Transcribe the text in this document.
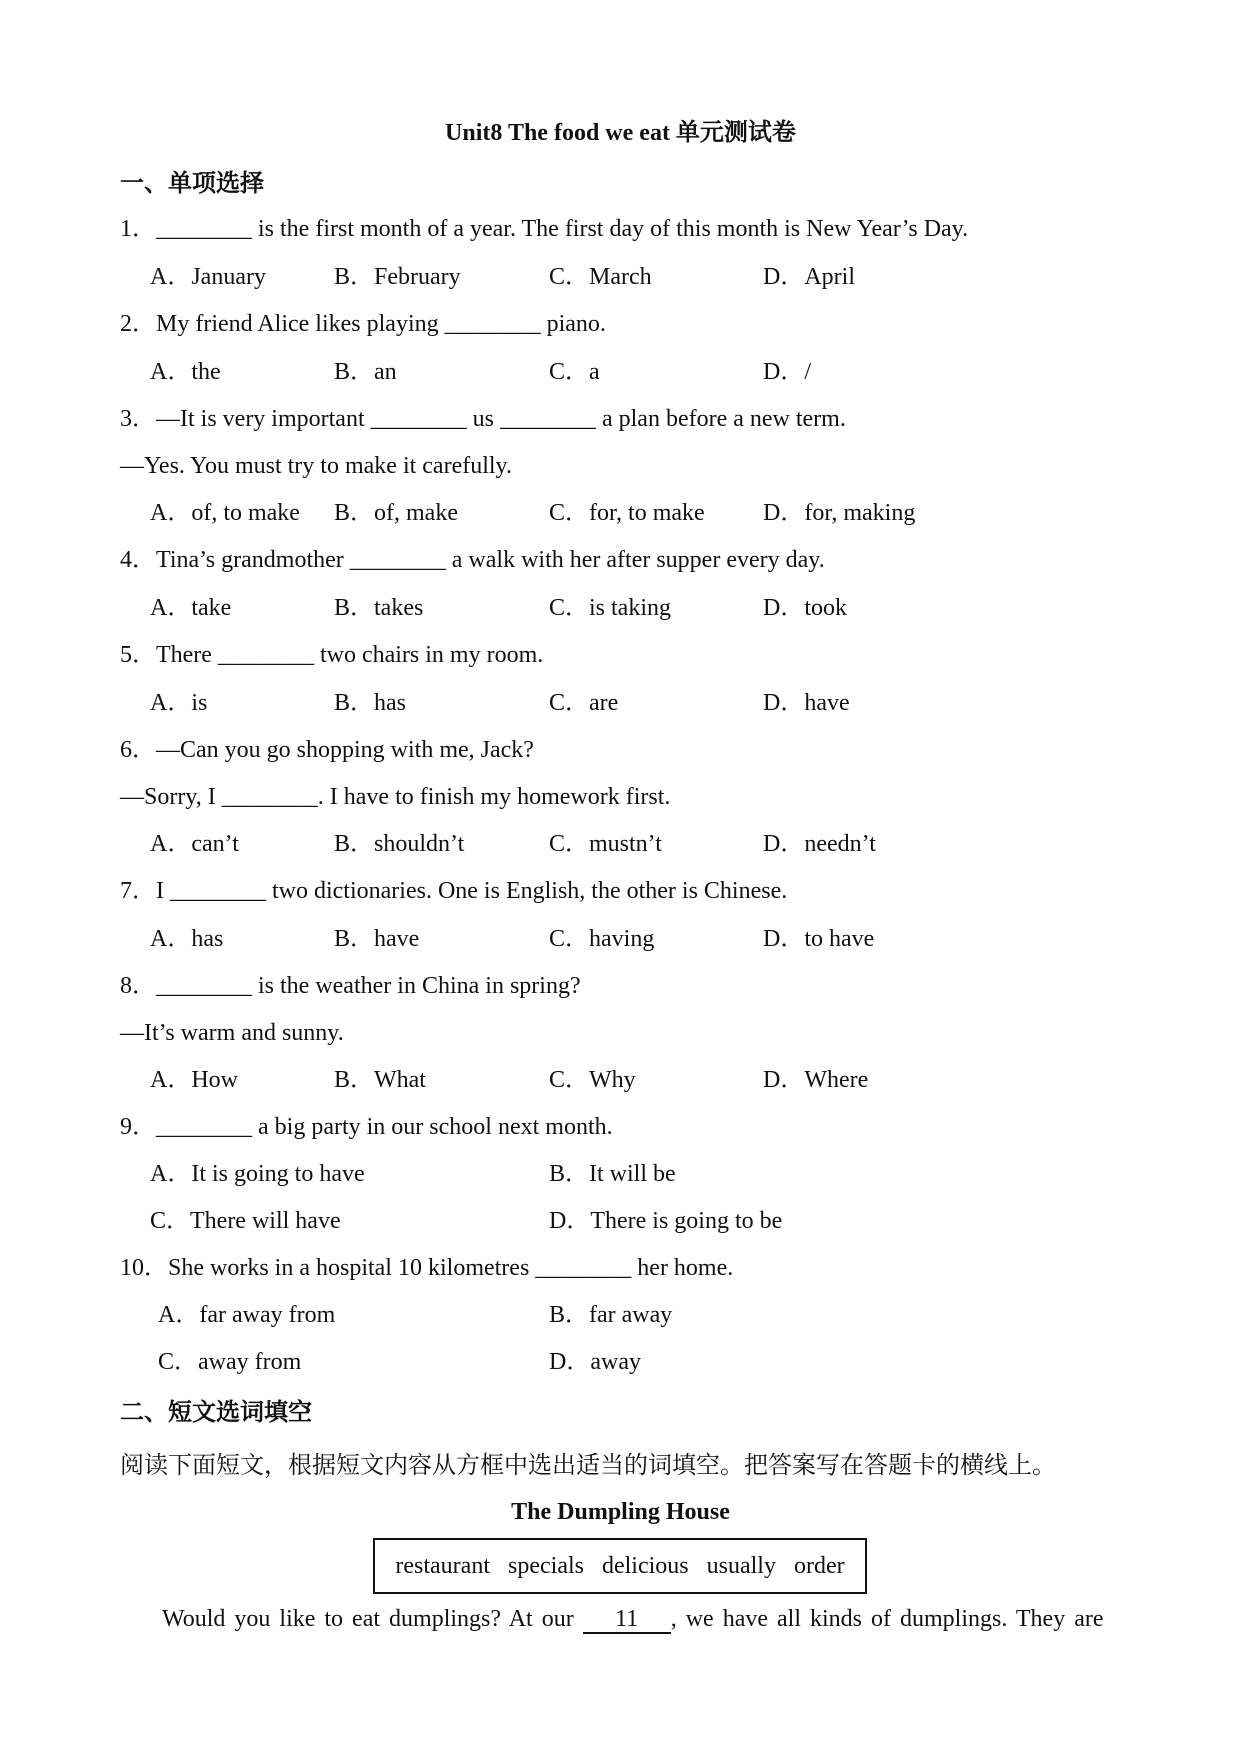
Unit8 The food we eat 单元测试卷
一、单项选择
1．________ is the first month of a year. The first day of this month is New Year’s Day.
A．January	B．February	C．March	D．April
2．My friend Alice likes playing ________ piano.
A．the	B．an	C．a	D．/
3．—It is very important ________ us ________ a plan before a new term.
—Yes. You must try to make it carefully.
A．of, to make B．of, make	C．for, to make D．for, making
4．Tina’s grandmother ________ a walk with her after supper every day.
A．take	B．takes	C．is taking	D．took
5．There ________ two chairs in my room.
A．is	B．has	C．are	D．have
6．—Can you go shopping with me, Jack?
—Sorry, I ________. I have to finish my homework first.
A．can’t	B．shouldn’t	C．mustn’t	D．needn’t
7．I ________ two dictionaries. One is English, the other is Chinese.
A．has	B．have	C．having	D．to have
8．________ is the weather in China in spring?
—It’s warm and sunny.
A．How	B．What	C．Why	D．Where
9．________ a big party in our school next month.
A．It is going to have	B．It will be
C．There will have	D．There is going to be
10．She works in a hospital 10 kilometres ________ her home.
A．far away from	B．far away
C．away from	D．away
二、短文选词填空
阅读下面短文，根据短文内容从方框中选出适当的词填空。把答案写在答题卡的横线上。
The Dumpling House
restaurant specials delicious usually order
Would you like to eat dumplings? At our 11 , we have all kinds of dumplings. They are
